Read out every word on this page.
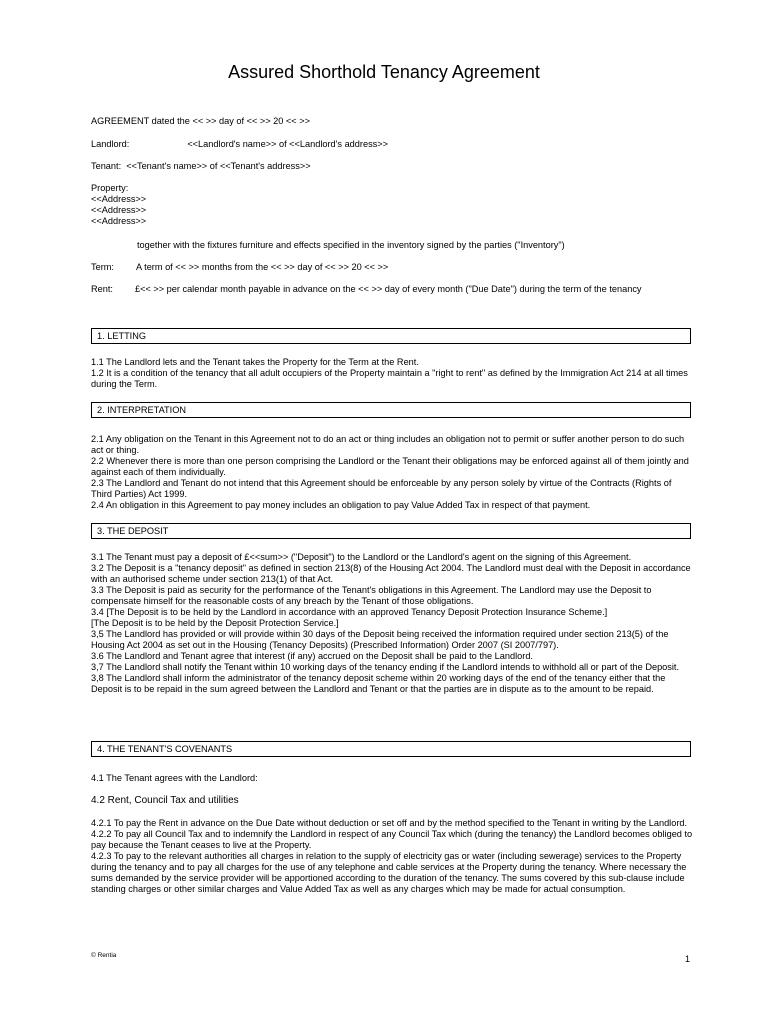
Assured Shorthold Tenancy Agreement
AGREEMENT dated the << >> day of << >> 20 << >>
Landlord:	<<Landlord's name>> of <<Landlord's address>>
Tenant: <<Tenant's name>> of <<Tenant's address>>
Property:
<<Address>>
<<Address>>
<<Address>>
together with the fixtures furniture and effects specified in the inventory signed by the parties ("Inventory")
Term: A term of << >> months from the << >> day of << >> 20 << >>
Rent: £<< >> per calendar month payable in advance on the << >> day of every month ("Due Date") during the term of the tenancy
1. LETTING

1.1 The Landlord lets and the Tenant takes the Property for the Term at the Rent.

1.2 It is a condition of the tenancy that all adult occupiers of the Property maintain a "right to rent" as defined by the Immigration Act 214 at all times during the Term.

2. INTERPRETATION

2.1 Any obligation on the Tenant in this Agreement not to do an act or thing includes an obligation not to permit or suffer another person to do such act or thing.

2.2 Whenever there is more than one person comprising the Landlord or the Tenant their obligations may be enforced against all of them jointly and against each of them individually.

2.3 The Landlord and Tenant do not intend that this Agreement should be enforceable by any person solely by virtue of the Contracts (Rights of Third Parties) Act 1999.

2.4 An obligation in this Agreement to pay money includes an obligation to pay Value Added Tax in respect of that payment.

3. THE DEPOSIT

3.1 The Tenant must pay a deposit of £<<sum>> ("Deposit") to the Landlord or the Landlord's agent on the signing of this Agreement.

3.2 The Deposit is a "tenancy deposit" as defined in section 213(8) of the Housing Act 2004. The Landlord must deal with the Deposit in accordance with an authorised scheme under section 213(1) of that Act.

3.3 The Deposit is paid as security for the performance of the Tenant's obligations in this Agreement. The Landlord may use the Deposit to compensate himself for the reasonable costs of any breach by the Tenant of those obligations.

3.4 [The Deposit is to be held by the Landlord in accordance with an approved Tenancy Deposit Protection Insurance Scheme.]

[The Deposit is to be held by the Deposit Protection Service.]

3,5 The Landlord has provided or will provide within 30 days of the Deposit being received the information required under section 213(5) of the Housing Act 2004 as set out in the Housing (Tenancy Deposits) (Prescribed Information) Order 2007 (SI 2007/797).

3.6 The Landlord and Tenant agree that interest (if any) accrued on the Deposit shall be paid to the Landlord.

3,7 The Landlord shall notify the Tenant within 10 working days of the tenancy ending if the Landlord intends to withhold all or part of the Deposit.

3,8 The Landlord shall inform the administrator of the tenancy deposit scheme within 20 working days of the end of the tenancy either that the Deposit is to be repaid in the sum agreed between the Landlord and Tenant or that the parties are in dispute as to the amount to be repaid.

4. THE TENANT'S COVENANTS
4.1 The Tenant agrees with the Landlord:
4.2 Rent, Council Tax and utilities

4.2.1 To pay the Rent in advance on the Due Date without deduction or set off and by the method specified to the Tenant in writing by the Landlord.

4.2.2 To pay all Council Tax and to indemnify the Landlord in respect of any Council Tax which (during the tenancy) the Landlord becomes obliged to pay because the Tenant ceases to live at the Property.

4.2.3 To pay to the relevant authorities all charges in relation to the supply of electricity gas or water (including sewerage) services to the Property during the tenancy and to pay all charges for the use of any telephone and cable services at the Property during the tenancy. Where necessary the sums demanded by the service provider will be apportioned according to the duration of the tenancy. The sums covered by this sub-clause include standing charges or other similar charges and Value Added Tax as well as any charges which may be made for actual consumption.

© Rentia	1
